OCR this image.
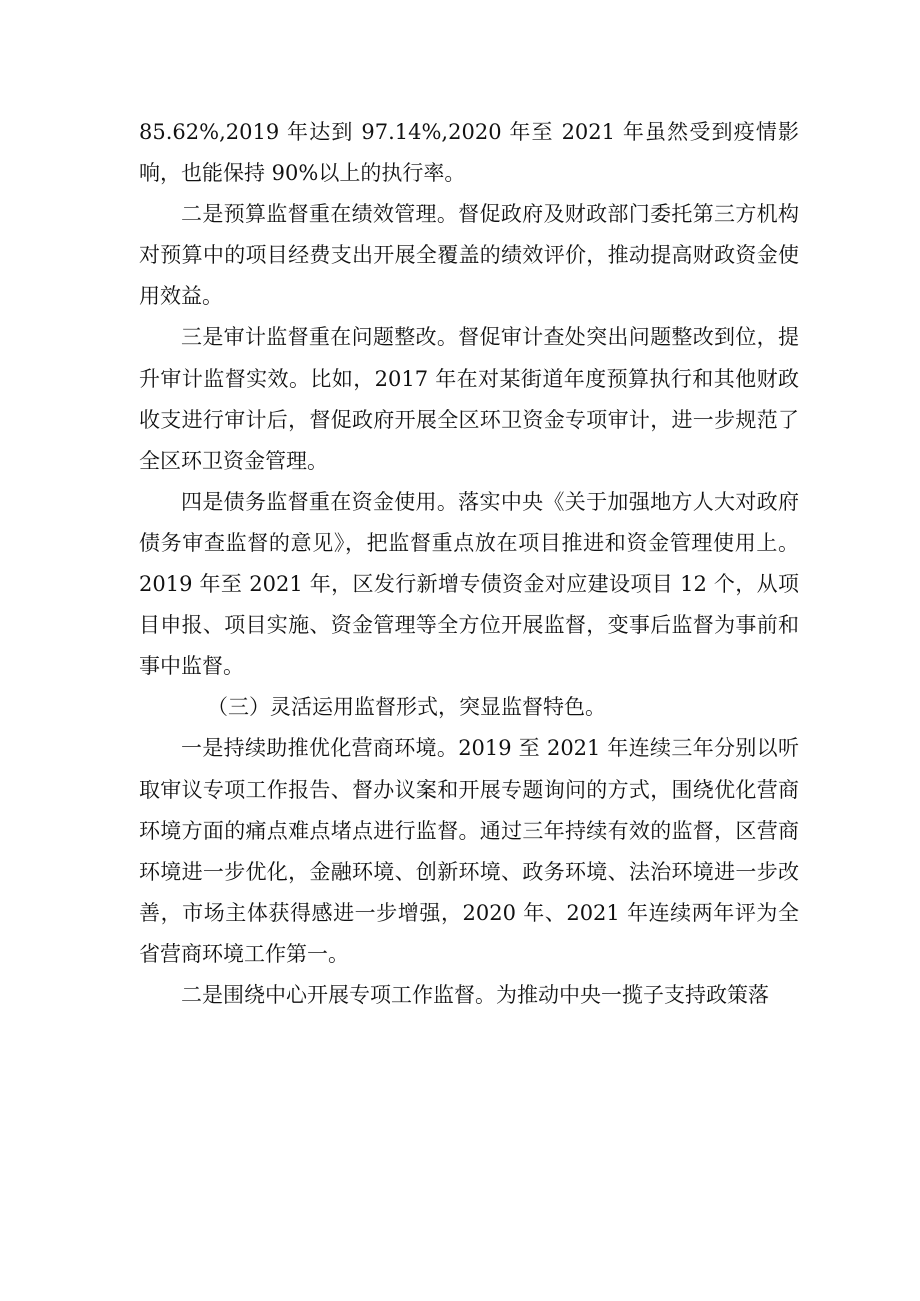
85.62%,2019 年达到 97.14%,2020 年至 2021 年虽然受到疫情影响，也能保持 90%以上的执行率。

二是预算监督重在绩效管理。督促政府及财政部门委托第三方机构对预算中的项目经费支出开展全覆盖的绩效评价，推动提高财政资金使用效益。

三是审计监督重在问题整改。督促审计查处突出问题整改到位，提升审计监督实效。比如，2017 年在对某街道年度预算执行和其他财政收支进行审计后，督促政府开展全区环卫资金专项审计，进一步规范了全区环卫资金管理。

四是债务监督重在资金使用。落实中央《关于加强地方人大对政府债务审查监督的意见》，把监督重点放在项目推进和资金管理使用上。2019 年至 2021 年，区发行新增专债资金对应建设项目 12 个，从项目申报、项目实施、资金管理等全方位开展监督，变事后监督为事前和事中监督。

（三）灵活运用监督形式，突显监督特色。

一是持续助推优化营商环境。2019 至 2021 年连续三年分别以听取审议专项工作报告、督办议案和开展专题询问的方式，围绕优化营商环境方面的痛点难点堵点进行监督。通过三年持续有效的监督，区营商环境进一步优化，金融环境、创新环境、政务环境、法治环境进一步改善，市场主体获得感进一步增强，2020 年、2021 年连续两年评为全省营商环境工作第一。

二是围绕中心开展专项工作监督。为推动中央一揽子支持政策落
